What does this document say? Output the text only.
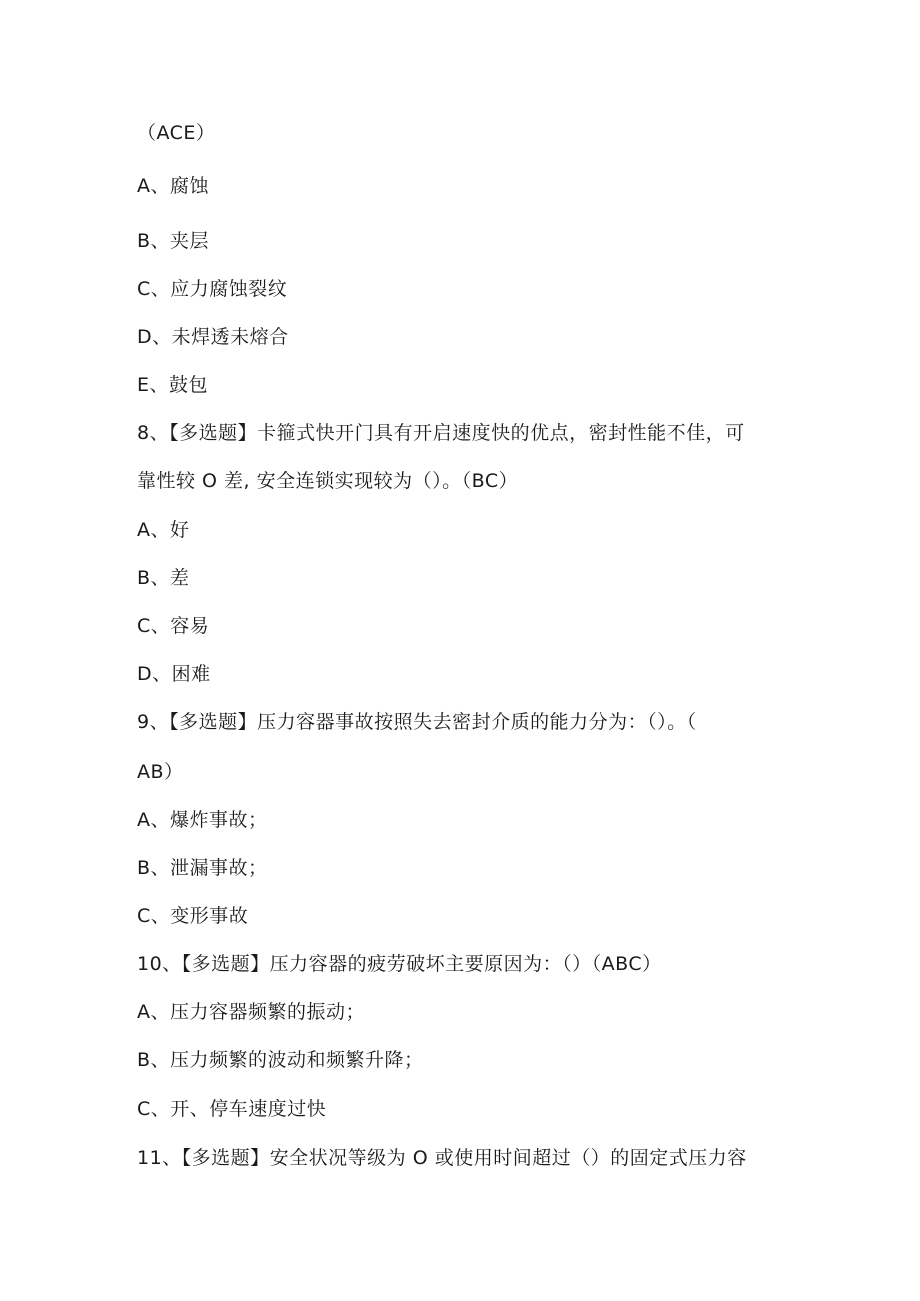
（ACE）
A、腐蚀
B、夹层
C、应力腐蚀裂纹
D、未焊透未熔合
E、鼓包
8、【多选题】卡箍式快开门具有开启速度快的优点，密封性能不佳，可
靠性较 O 差, 安全连锁实现较为（）。（BC）
A、好
B、差
C、容易
D、困难
9、【多选题】压力容器事故按照失去密封介质的能力分为：（）。（
AB）
A、爆炸事故；
B、泄漏事故；
C、变形事故
10、【多选题】压力容器的疲劳破坏主要原因为：（）（ABC）
A、压力容器频繁的振动；
B、压力频繁的波动和频繁升降；
C、开、停车速度过快
11、【多选题】安全状况等级为 O 或使用时间超过（）的固定式压力容
